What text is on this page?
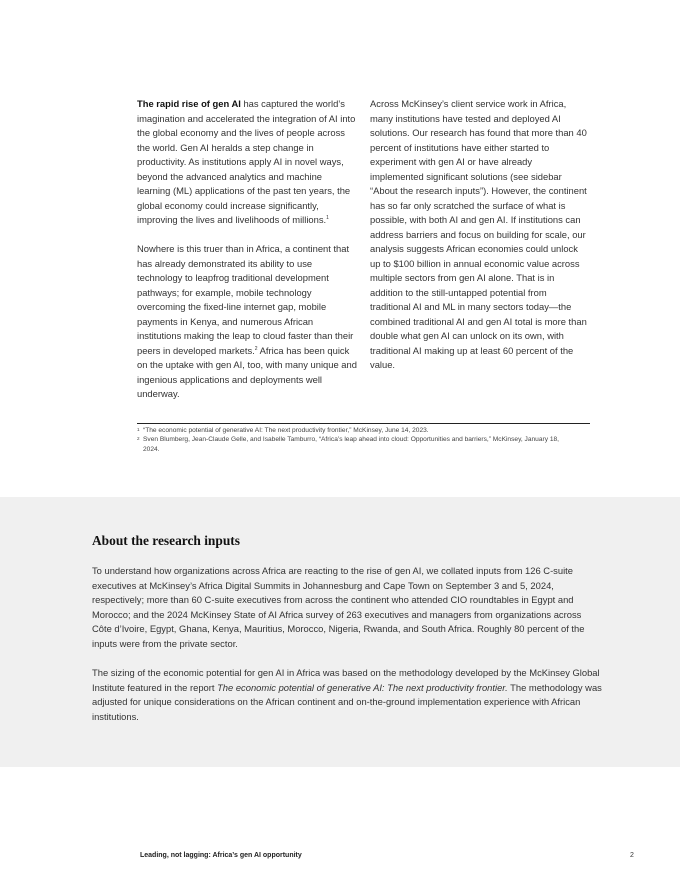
The rapid rise of gen AI has captured the world’s imagination and accelerated the integration of AI into the global economy and the lives of people across the world. Gen AI heralds a step change in productivity. As institutions apply AI in novel ways, beyond the advanced analytics and machine learning (ML) applications of the past ten years, the global economy could increase significantly, improving the lives and livelihoods of millions.$^1$

Nowhere is this truer than in Africa, a continent that has already demonstrated its ability to use technology to leapfrog traditional development pathways; for example, mobile technology overcoming the fixed-line internet gap, mobile payments in Kenya, and numerous African institutions making the leap to cloud faster than their peers in developed markets.$^2$ Africa has been quick on the uptake with gen AI, too, with many unique and ingenious applications and deployments well underway.

Across McKinsey’s client service work in Africa, many institutions have tested and deployed AI solutions. Our research has found that more than 40 percent of institutions have either started to experiment with gen AI or have already implemented significant solutions (see sidebar “About the research inputs”). However, the continent has so far only scratched the surface of what is possible, with both AI and gen AI. If institutions can address barriers and focus on building for scale, our analysis suggests African economies could unlock up to $100 billion in annual economic value across multiple sectors from gen AI alone. That is in addition to the still-untapped potential from traditional AI and ML in many sectors today—the combined traditional AI and gen AI total is more than double what gen AI can unlock on its own, with traditional AI making up at least 60 percent of the value.

1 “The economic potential of generative AI: The next productivity frontier,” McKinsey, June 14, 2023.
2 Sven Blumberg, Jean-Claude Gelle, and Isabelle Tamburro, “Africa’s leap ahead into cloud: Opportunities and barriers,” McKinsey, January 18, 2024.
About the research inputs
To understand how organizations across Africa are reacting to the rise of gen AI, we collated inputs from 126 C-suite executives at McKinsey’s Africa Digital Summits in Johannesburg and Cape Town on September 3 and 5, 2024, respectively; more than 60 C-suite executives from across the continent who attended CIO roundtables in Egypt and Morocco; and the 2024 McKinsey State of AI Africa survey of 263 executives and managers from organizations across Côte d’Ivoire, Egypt, Ghana, Kenya, Mauritius, Morocco, Nigeria, Rwanda, and South Africa. Roughly 80 percent of the inputs were from the private sector.
The sizing of the economic potential for gen AI in Africa was based on the methodology developed by the McKinsey Global Institute featured in the report The economic potential of generative AI: The next productivity frontier. The methodology was adjusted for unique considerations on the African continent and on-the-ground implementation experience with African institutions.
Leading, not lagging: Africa’s gen AI opportunity	2
